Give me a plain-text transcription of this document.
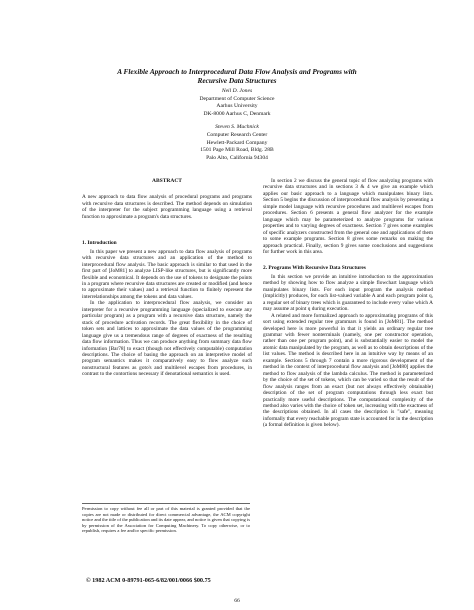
A Flexible Approach to Interprocedural Data Flow Analysis and Programs with
Recursive Data Structures
Neil D. Jones
Department of Computer Science
Aarhus University
DK-8000 Aarhus C, Denmark
Steven S. Muchnick
Computer Research Center
Hewlett-Packard Company
1501 Page Mill Road, Bldg. 28B
Palo Alto, California 94304
ABSTRACT

A new approach to data flow analysis of procedural programs and programs with recursive data structures is described. The method depends on simulation of the interpreter for the subject programming language using a retrieval function to approximate a program's data structures.

1. Introduction

In this paper we present a new approach to data flow analysis of programs with recursive data structures and an application of the method to interprocedural flow analysis. The basic approach is similar to that used in the first part of [JoM81] to analyze LISP-like structures, but is significantly more flexible and economical. It depends on the use of tokens to designate the points in a program where recursive data structures are created or modified (and hence to approximate their values) and a retrieval function to finitely represent the interrelationships among the tokens and data values.

In the application to interprocedural flow analysis, we consider an interpreter for a recursive programming language (specialized to execute any particular program) as a program with a recursive data structure, namely the stack of procedure activation records. The great flexibility in the choice of token sets and lattices to approximate the data values of the programming language give us a tremendous range of degrees of exactness of the resulting data flow information. Thus we can produce anything from summary data flow information [Bar78] to exact (though not effectively computable) computation descriptions. The choice of basing the approach on an interpretive model of program semantics makes it comparatively easy to flow analyze such nonstructural features as goto's and multilevel escapes from procedures, in contrast to the contortions necessary if denotational semantics is used.

Permission to copy without fee all or part of this material is granted provided that the copies are not made or distributed for direct commercial advantage, the ACM copyright notice and the title of the publication and its date appear, and notice is given that copying is by permission of the Association for Computing Machinery. To copy otherwise, or to republish, requires a fee and/or specific permission.

In section 2 we discuss the general topic of flow analyzing programs with recursive data structures and in sections 3 & 4 we give an example which applies our basic approach to a language which manipulates binary lists. Section 5 begins the discussion of interprocedural flow analysis by presenting a simple model language with recursive procedures and multilevel escapes from procedures. Section 6 presents a general flow analyzer for the example language which may be parameterized to analyze programs for various properties and to varying degrees of exactness. Section 7 gives some examples of specific analyzers constructed from the general one and applications of them to some example programs. Section 8 gives some remarks on making the approach practical. Finally, section 9 gives some conclusions and suggestions for further work in this area.

2. Programs With Recursive Data Structures

In this section we provide an intuitive introduction to the approximation method by showing how to flow analyze a simple flowchart language which manipulates binary lists. For each input program the analysis method (implicitly) produces, for each list-valued variable A and each program point q, a regular set of binary trees which is guaranteed to include every value which A may assume at point q during execution.

A related and more formalized approach to approximating programs of this sort using extended regular tree grammars is found in [JoM81]. The method developed here is more powerful in that it yields an ordinary regular tree grammar with fewer nonterminals (namely, one per constructor operation, rather than one per program point), and is substantially easier to model the atomic data manipulated by the program, as well as to obtain descriptions of the list values. The method is described here in an intuitive way by means of an example. Sections 5 through 7 contain a more rigorous development of the method in the context of interprocedural flow analysis and [JoM80] applies the method to flow analysis of the lambda calculus. The method is parameterized by the choice of the set of tokens, which can be varied so that the result of the flow analysis ranges from an exact (but not always effectively obtainable) description of the set of program computations through less exact but practically more useful descriptions. The computational complexity of the method also varies with the choice of token set, increasing with the exactness of the descriptions obtained. In all cases the description is "safe", meaning informally that every reachable program state is accounted for in the description (a formal definition is given below).

© 1982 ACM 0-89791-065-6/82/001/0066 $00.75
66
